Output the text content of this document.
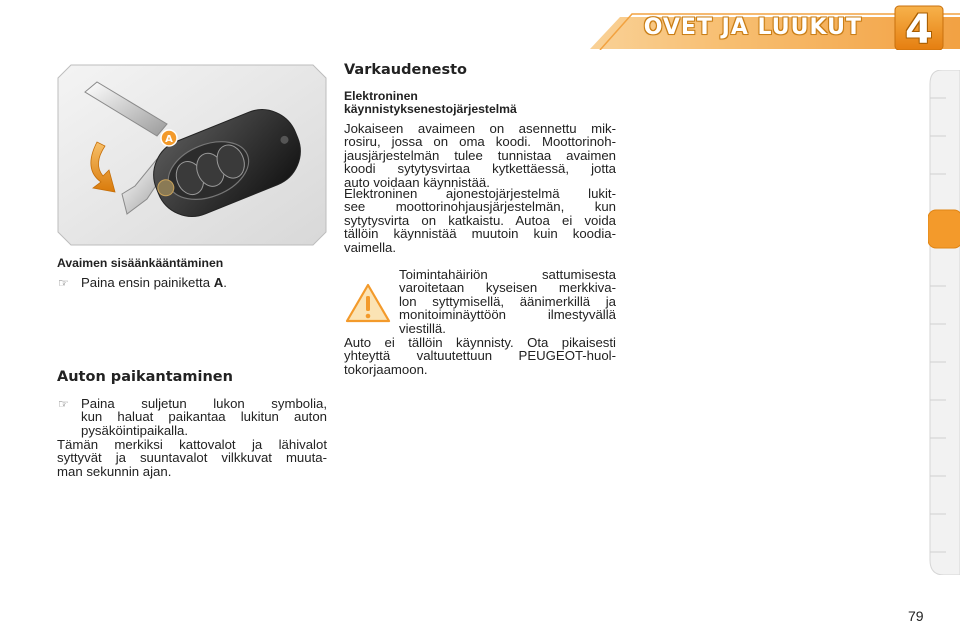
OVET JA LUUKUT 4
A
Avaimen sisäänkääntäminen
☞ Paina ensin painiketta A.
Auton paikantaminen
☞ Paina suljetun lukon symbolia,
kun haluat paikantaa lukitun auton
pysäköintipaikalla.
Tämän merkiksi kattovalot ja lähivalot
syttyvät ja suuntavalot vilkkuvat muuta-
man sekunnin ajan.
Varkaudenesto
Elektroninen
käynnistyksenestojärjestelmä
Jokaiseen avaimeen on asennettu mik-
rosiru, jossa on oma koodi. Moottorinoh-
jausjärjestelmän tulee tunnistaa avaimen
koodi sytytysvirtaa kytkettäessä, jotta
auto voidaan käynnistää.
Elektroninen ajonestojärjestelmä lukit-
see moottorinohjausjärjestelmän, kun
sytytysvirta on katkaistu. Autoa ei voida
tällöin käynnistää muutoin kuin koodia-
vaimella.
Toimintahäiriön sattumisesta
varoitetaan kyseisen merkkiva-
lon syttymisellä, äänimerkillä ja
monitoiminäyttöön ilmestyvällä
viestillä.
Auto ei tällöin käynnisty. Ota pikaisesti
yhteyttä valtuutettuun PEUGEOT-huol-
tokorjaamoon.
79
